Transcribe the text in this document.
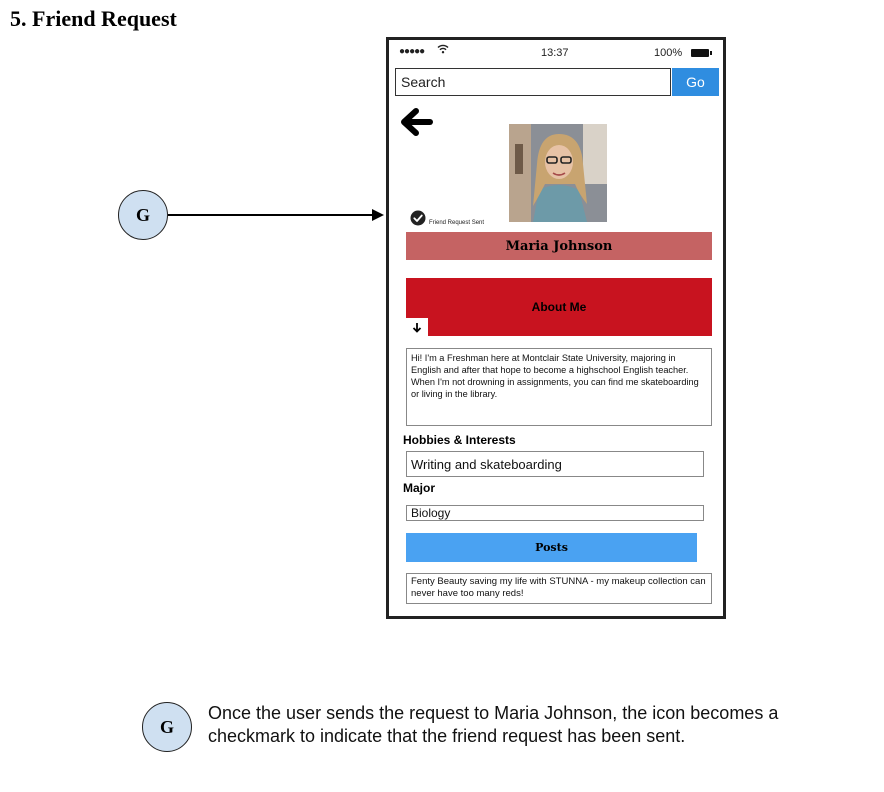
5. Friend Request
G
●●●●●	13:37	100%
Search
Go
Friend Request Sent
Maria Johnson
About Me
Hi! I'm a Freshman here at Montclair State University, majoring in English and after that hope to become a highschool English teacher. When I'm not drowning in assignments, you can find me skateboarding or living in the library.
Hobbies & Interests
Writing and skateboarding
Major
Biology
Posts
Fenty Beauty saving my life with STUNNA - my makeup collection can never have too many reds!
G

Once the user sends the request to Maria Johnson, the icon becomes a checkmark to indicate that the friend request has been sent.
